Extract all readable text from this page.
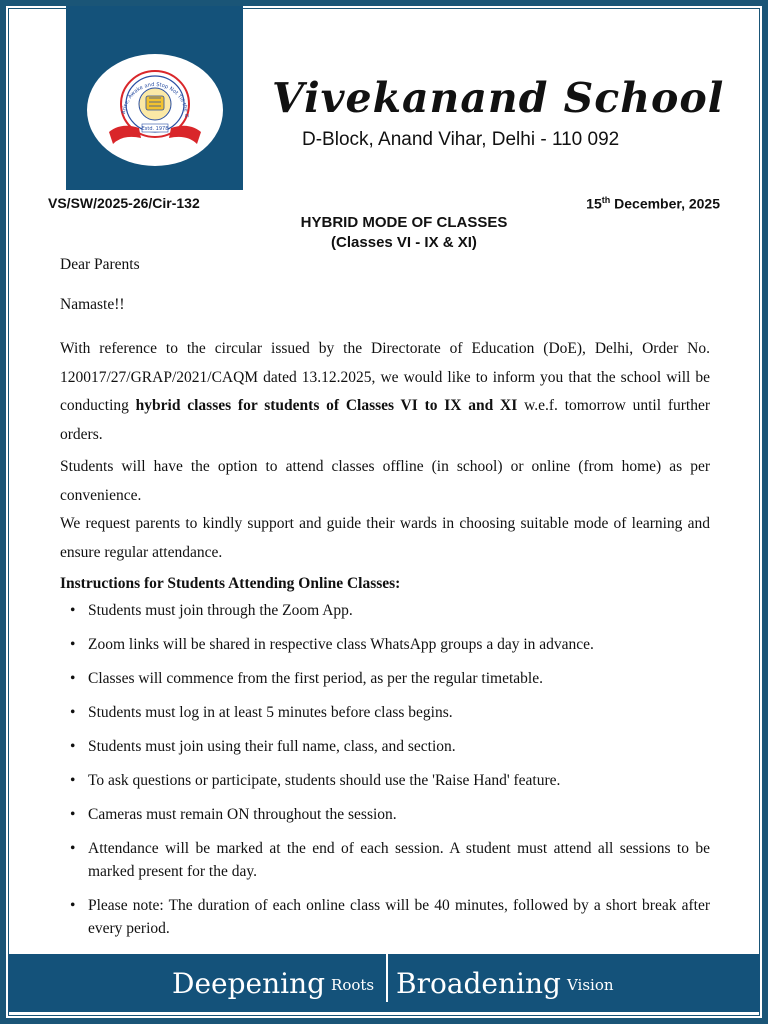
Arise, Awake and Stop Not Till the G
Estd. 1978
Vivekanand School
D-Block, Anand Vihar, Delhi - 110 092
VS/SW/2025-26/Cir-132	15th December, 2025
HYBRID MODE OF CLASSES
(Classes VI - IX & XI)

Dear Parents

Namaste!!

With reference to the circular issued by the Directorate of Education (DoE), Delhi, Order No. 120017/27/GRAP/2021/CAQM dated 13.12.2025, we would like to inform you that the school will be conducting hybrid classes for students of Classes VI to IX and XI w.e.f. tomorrow until further orders.

Students will have the option to attend classes offline (in school) or online (from home) as per convenience.

We request parents to kindly support and guide their wards in choosing suitable mode of learning and ensure regular attendance.

Instructions for Students Attending Online Classes:

• Students must join through the Zoom App.
• Zoom links will be shared in respective class WhatsApp groups a day in advance.
• Classes will commence from the first period, as per the regular timetable.
• Students must log in at least 5 minutes before class begins.
• Students must join using their full name, class, and section.
• To ask questions or participate, students should use the 'Raise Hand' feature.
• Cameras must remain ON throughout the session.
• Attendance will be marked at the end of each session. A student must attend all sessions to be marked present for the day.
• Please note: The duration of each online class will be 40 minutes, followed by a short break after every period.
Deepening Roots Broadening Vision
